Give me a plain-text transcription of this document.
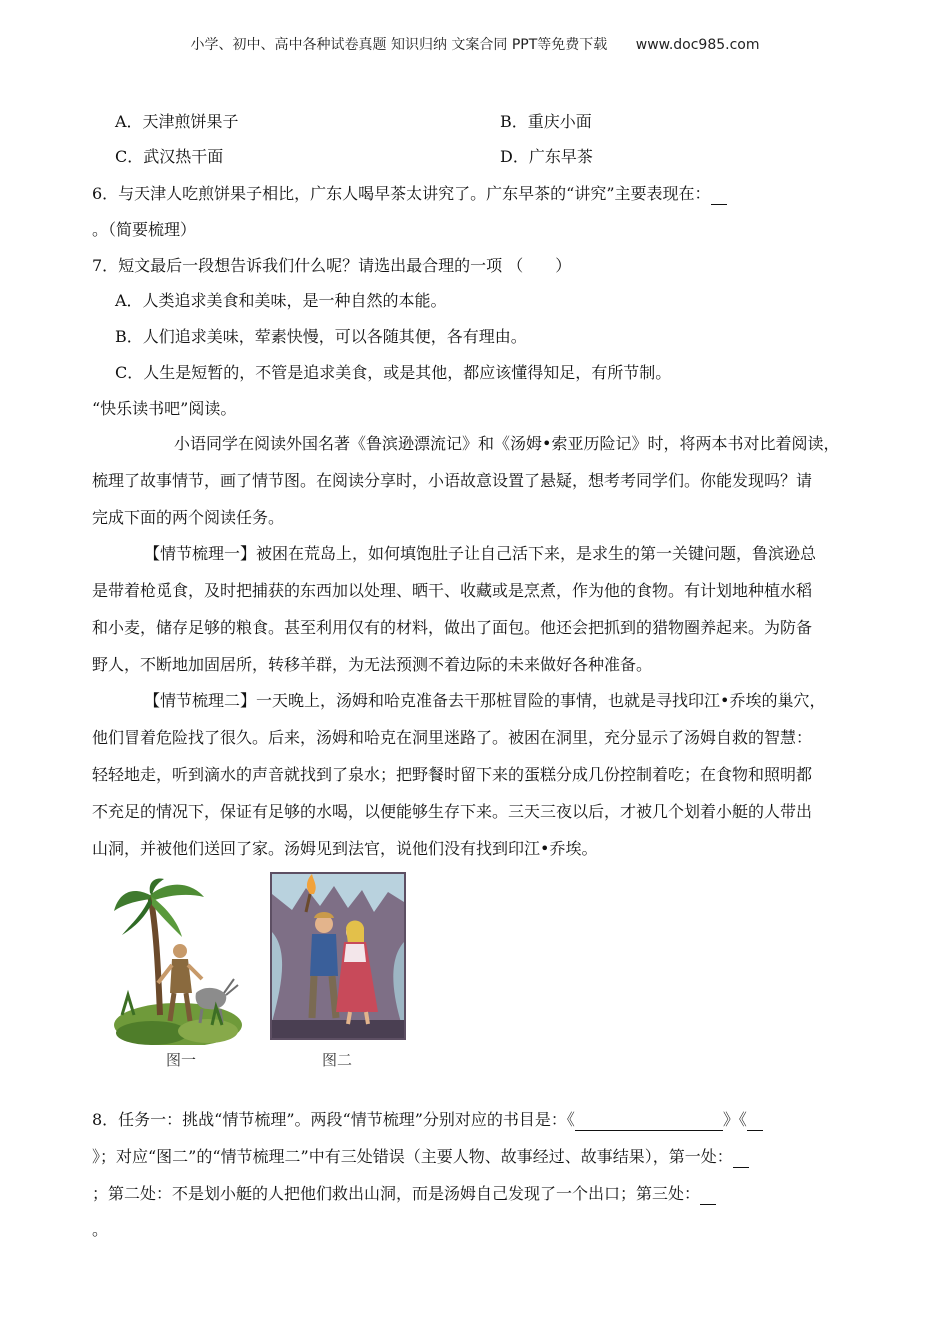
小学、初中、高中各种试卷真题 知识归纳 文案合同 PPT等免费下载 www.doc985.com
A．天津煎饼果子	B．重庆小面
C．武汉热干面	D．广东早茶
6．与天津人吃煎饼果子相比，广东人喝早茶太讲究了。广东早茶的“讲究”主要表现在：
。（简要梳理）
7．短文最后一段想告诉我们什么呢？请选出最合理的一项 （　　）
A．人类追求美食和美味，是一种自然的本能。
B．人们追求美味，荤素快慢，可以各随其便，各有理由。
C．人生是短暂的，不管是追求美食，或是其他，都应该懂得知足，有所节制。
“快乐读书吧”阅读。
小语同学在阅读外国名著《鲁滨逊漂流记》和《汤姆•索亚历险记》时，将两本书对比着阅读，
梳理了故事情节，画了情节图。在阅读分享时，小语故意设置了悬疑，想考考同学们。你能发现吗？请
完成下面的两个阅读任务。
【情节梳理一】被困在荒岛上，如何填饱肚子让自己活下来，是求生的第一关键问题，鲁滨逊总
是带着枪觅食，及时把捕获的东西加以处理、晒干、收藏或是烹煮，作为他的食物。有计划地种植水稻
和小麦，储存足够的粮食。甚至利用仅有的材料，做出了面包。他还会把抓到的猎物圈养起来。为防备
野人，不断地加固居所，转移羊群，为无法预测不着边际的未来做好各种准备。
【情节梳理二】一天晚上，汤姆和哈克准备去干那桩冒险的事情，也就是寻找印江•乔埃的巢穴，
他们冒着危险找了很久。后来，汤姆和哈克在洞里迷路了。被困在洞里，充分显示了汤姆自救的智慧：
轻轻地走，听到滴水的声音就找到了泉水；把野餐时留下来的蛋糕分成几份控制着吃；在食物和照明都
不充足的情况下，保证有足够的水喝，以便能够生存下来。三天三夜以后，才被几个划着小艇的人带出
山洞，并被他们送回了家。汤姆见到法官，说他们没有找到印江•乔埃。
图一	图二
8．任务一：挑战“情节梳理”。两段“情节梳理”分别对应的书目是：《	》《
》；对应“图二”的“情节梳理二”中有三处错误（主要人物、故事经过、故事结果），第一处：
；第二处：不是划小艇的人把他们救出山洞，而是汤姆自己发现了一个出口；第三处：
。
